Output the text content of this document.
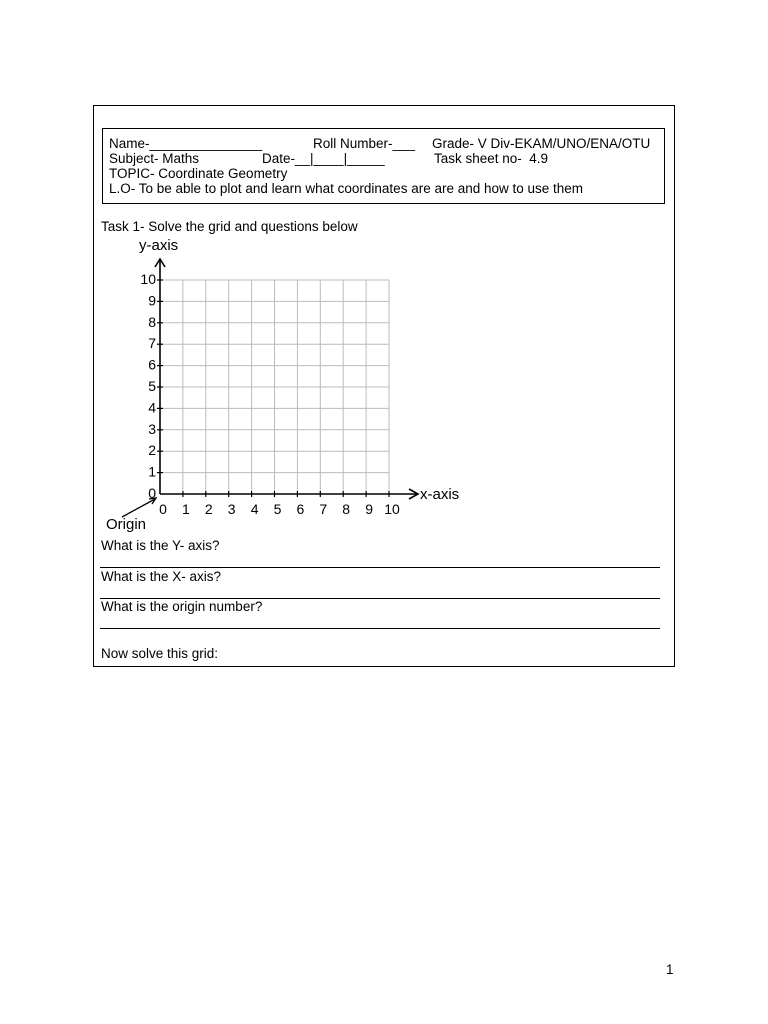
Name-_______________	Roll Number-___ Grade- V Div-EKAM/UNO/ENA/OTU
Subject- Maths	Date-__|____|_____	Task sheet no-  4.9
TOPIC- Coordinate Geometry
L.O- To be able to plot and learn what coordinates are are and how to use them
Task 1- Solve the grid and questions below
What is the Y- axis?
What is the X- axis?
What is the origin number?
Now solve this grid:
0 1 2 3 4 5 6 7 8 9 10
0
1
2
3
4
5
6
7
8
9
10
y-axis
x-axis
Origin
1
